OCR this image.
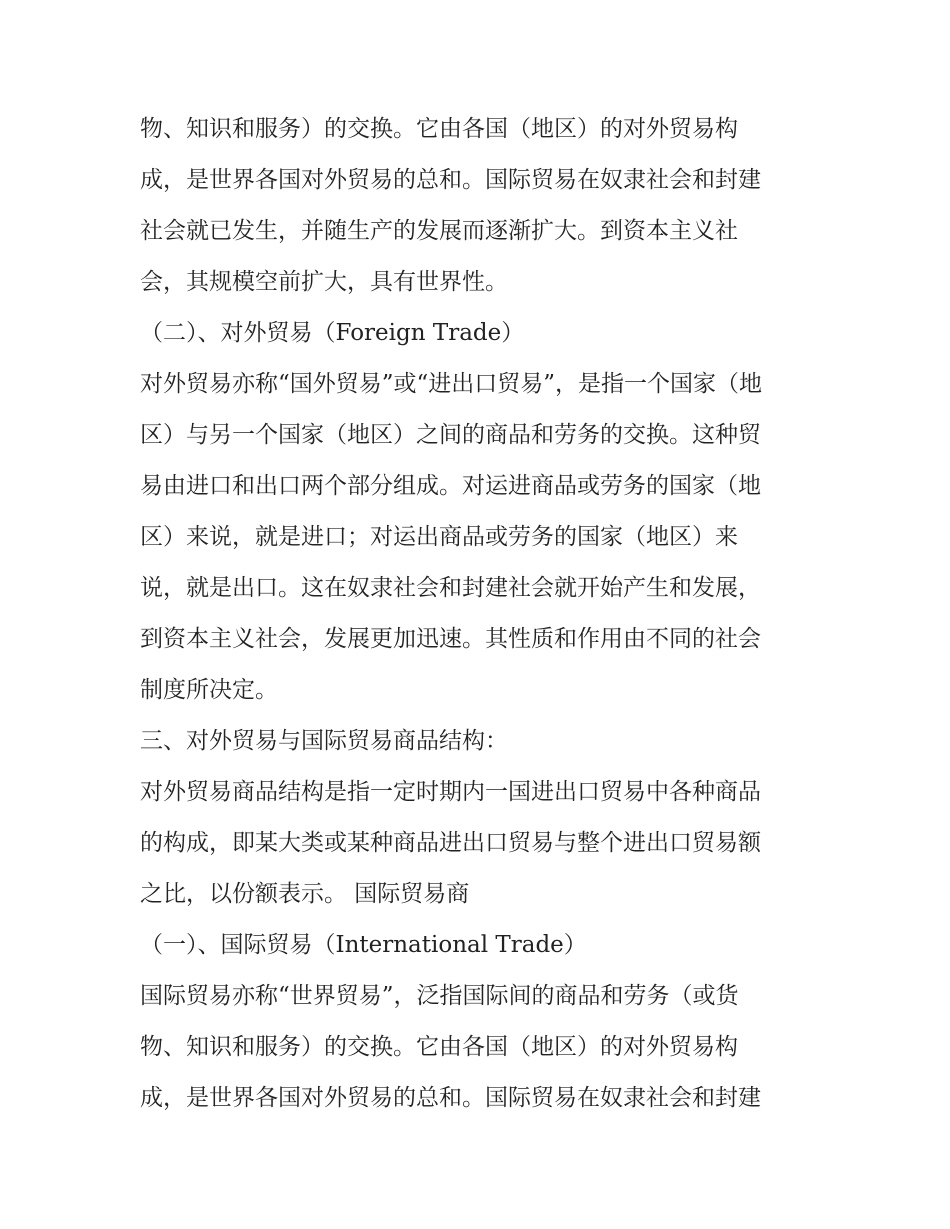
物、知识和服务）的交换。它由各国（地区）的对外贸易构
成，是世界各国对外贸易的总和。国际贸易在奴隶社会和封建
社会就已发生，并随生产的发展而逐渐扩大。到资本主义社
会，其规模空前扩大，具有世界性。
（二）、对外贸易（Foreign Trade）
对外贸易亦称“国外贸易”或“进出口贸易”，是指一个国家（地
区）与另一个国家（地区）之间的商品和劳务的交换。这种贸
易由进口和出口两个部分组成。对运进商品或劳务的国家（地
区）来说，就是进口；对运出商品或劳务的国家（地区）来
说，就是出口。这在奴隶社会和封建社会就开始产生和发展，
到资本主义社会，发展更加迅速。其性质和作用由不同的社会
制度所决定。
三、对外贸易与国际贸易商品结构：
对外贸易商品结构是指一定时期内一国进出口贸易中各种商品
的构成，即某大类或某种商品进出口贸易与整个进出口贸易额
之比，以份额表示。 国际贸易商
（一）、国际贸易（International Trade）
国际贸易亦称“世界贸易”，泛指国际间的商品和劳务（或货
物、知识和服务）的交换。它由各国（地区）的对外贸易构
成，是世界各国对外贸易的总和。国际贸易在奴隶社会和封建
